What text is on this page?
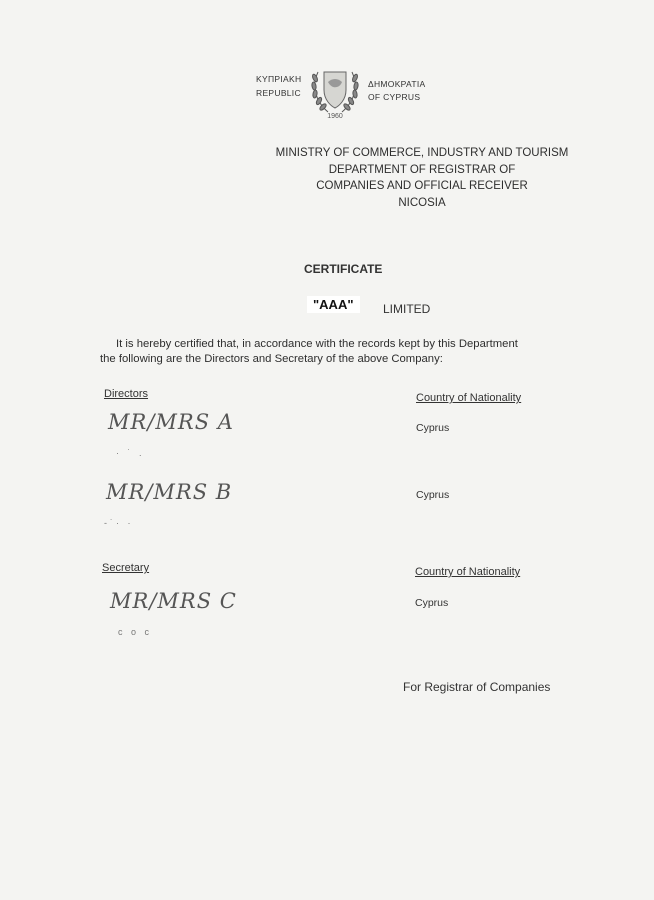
ΚΥΠΡΙΑΚΗ
REPUBLIC
1960
ΔΗΜΟΚΡΑΤΙΑ
OF CYPRUS
MINISTRY OF COMMERCE, INDUSTRY AND TOURISM
DEPARTMENT OF REGISTRAR OF
COMPANIES AND OFFICIAL RECEIVER
NICOSIA
CERTIFICATE
"AAA"	LIMITED
It is hereby certified that, in accordance with the records kept by this Department
the following are the Directors and Secretary of the above Company:
Directors	Country of Nationality
MR/MRS A	Cyprus
· ˙ .
MR/MRS B	Cyprus
-˙· ·
Secretary	Country of Nationality
MR/MRS C	Cyprus
c o c
For Registrar of Companies
